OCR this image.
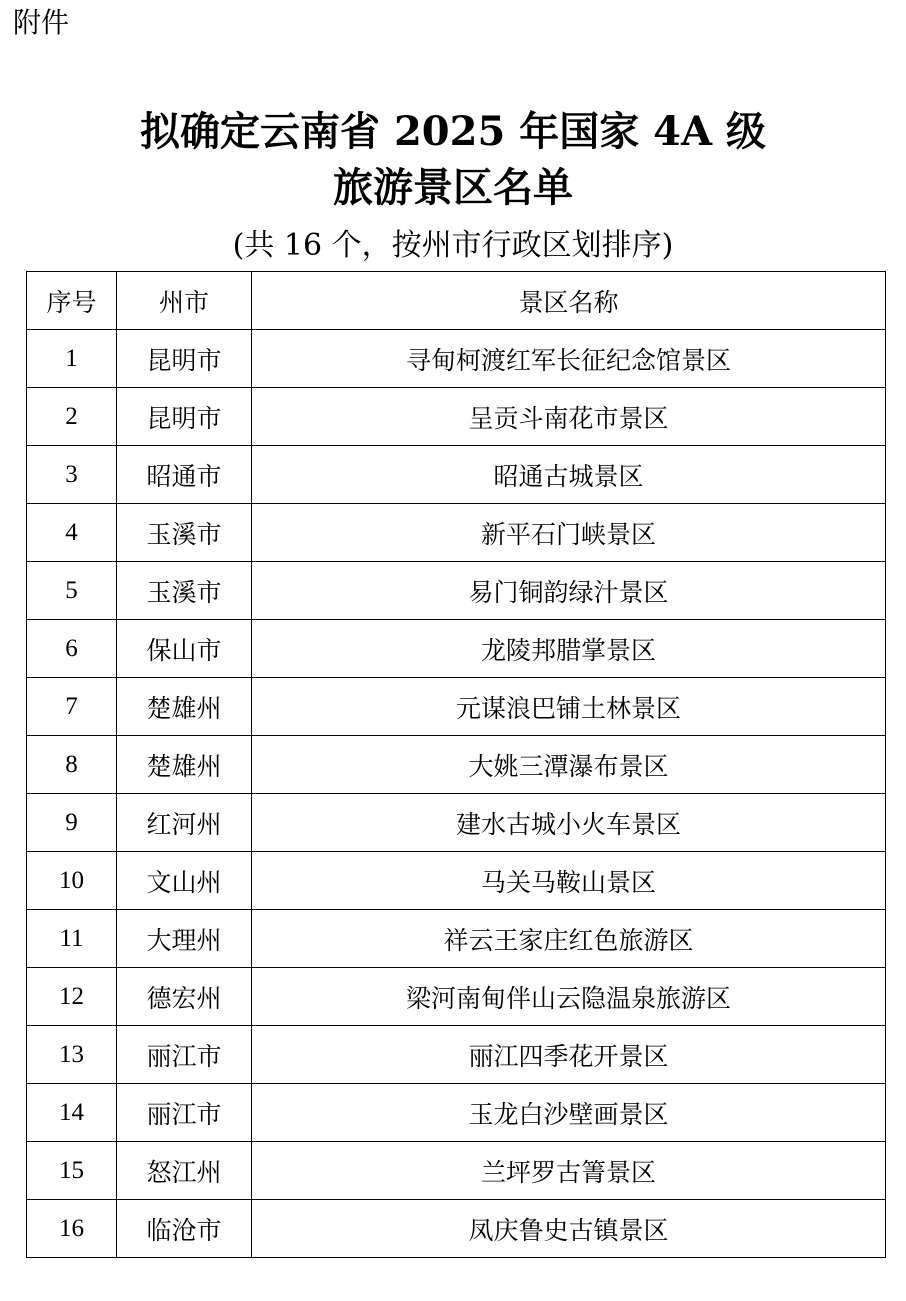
附件
拟确定云南省 2025 年国家 4A 级
旅游景区名单
(共 16 个，按州市行政区划排序)
序号	州市	景区名称
1	昆明市	寻甸柯渡红军长征纪念馆景区
2	昆明市	呈贡斗南花市景区
3	昭通市	昭通古城景区
4	玉溪市	新平石门峡景区
5	玉溪市	易门铜韵绿汁景区
6	保山市	龙陵邦腊掌景区
7	楚雄州	元谋浪巴铺土林景区
8	楚雄州	大姚三潭瀑布景区
9	红河州	建水古城小火车景区
10	文山州	马关马鞍山景区
11	大理州	祥云王家庄红色旅游区
12	德宏州	梁河南甸伴山云隐温泉旅游区
13	丽江市	丽江四季花开景区
14	丽江市	玉龙白沙壁画景区
15	怒江州	兰坪罗古箐景区
16	临沧市	凤庆鲁史古镇景区
